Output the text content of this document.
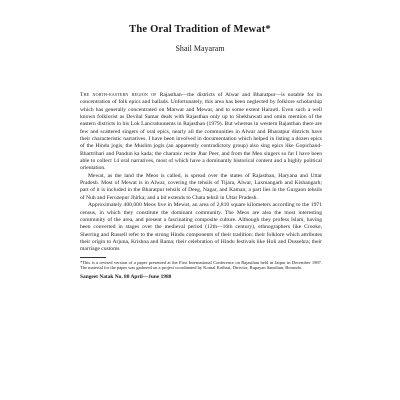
The Oral Tradition of Mewat*
Shail Mayaram

The north-eastern region of Rajasthan—the districts of Alwar and Bharatpur—is notable for its concentration of folk epics and ballads. Unfortunately, this area has been neglected by folklore scholarship which has generally concentrated on Marwar and Mewar, and to some extent Harauti. Even such a well known folklorist as Devilal Samar deals with Rajasthan only up to Shekhawati and omits mention of the eastern districts in his Lok Lancratuunents in Rajasthan (1979). But whereas in western Rajasthan there are few and scattered singers of oral epics, nearly all the communities in Alwar and Bharatpur districts have their characteristic narratives. I have been involved in documentation which helped in listing a dozen epics of the Hindu jogis, the Muslim jogis (an apparently contradictory group) also sing epics like Gopichand-Bhartrihari and Pandun ka kada; the charanic recite Jhar Peer, and from the Meo singers so far I have been able to collect 14 oral narratives, most of which have a dominantly historical content and a highly political orientation.

Mewat, as the land the Meos is called, is spread over the states of Rajasthan, Haryana and Uttar Pradesh. Most of Mewat is in Alwar, covering the tehsils of Tijara, Alwar, Laxmangarh and Kishangarh; part of it is included in the Bharatpur tehsils of Deeg, Nagar, and Kaman; a part lies in the Gurgaon tehsils of Nuh and Ferozepur Jhirka; and a bit extends to Chata tehsil in Uttar Pradesh.

Approximately 400,000 Meos live in Mewat, an area of 2,810 square kilometers according to the 1971 census, in which they constitute the dominant community. The Meos are also the most interesting community of the area, and present a fascinating composite culture. Although they profess Islam, having been converted in stages over the medieval period (12th—16th century), ethnographers like Crooke, Sherring and Russell refer to the strong Hindu components of their tradition: their folklore which attributes their origin to Arjuna, Krishna and Rama; their celebration of Hindu festivals like Holi and Dussehra; their marriage customs

*This is a revised version of a paper presented at the First International Conference on Rajasthan held in Jaipur in December 1987. The material for the paper was gathered on a project coordinated by Komal Kothari, Director, Rupayan Sansthan, Borunda.

Sangeet Natak No. 88 April—June 1988
